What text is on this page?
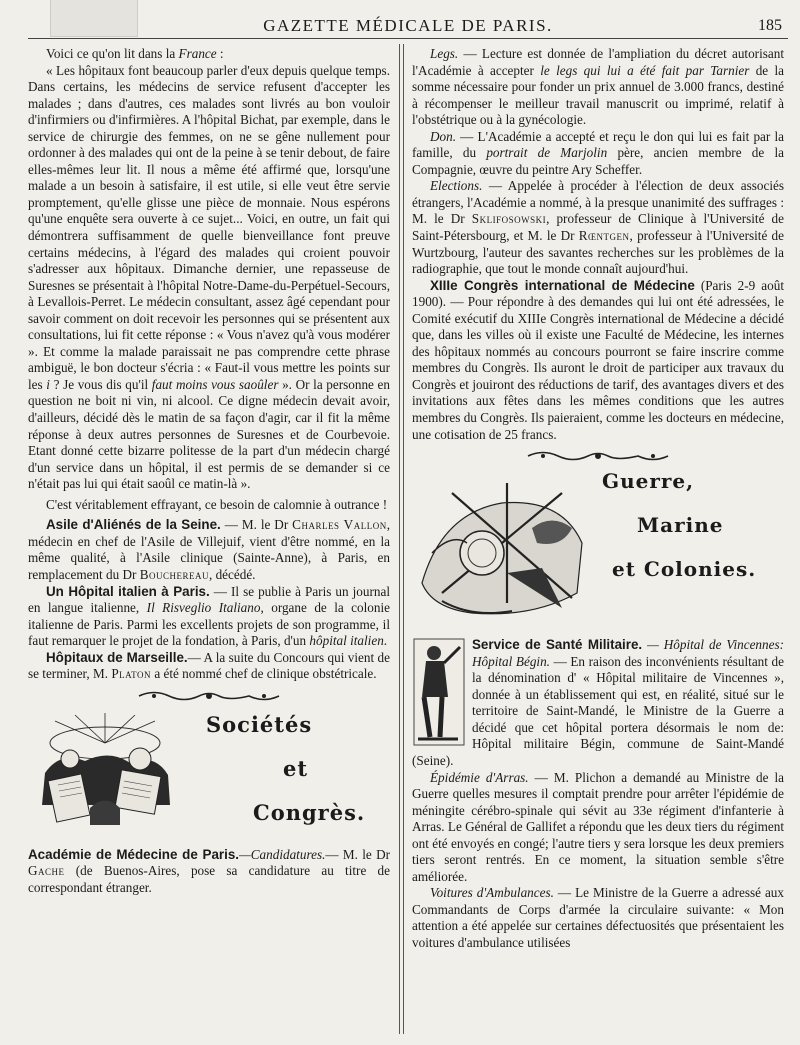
GAZETTE MÉDICALE DE PARIS.	185

Voici ce qu'on lit dans la France :

« Les hôpitaux font beaucoup parler d'eux depuis quelque temps. Dans certains, les médecins de service refusent d'accepter les malades ; dans d'autres, ces malades sont livrés au bon vouloir d'infirmiers ou d'infirmières. A l'hôpital Bichat, par exemple, dans le service de chirurgie des femmes, on ne se gêne nullement pour ordonner à des malades qui ont de la peine à se tenir debout, de faire elles-mêmes leur lit. Il nous a même été affirmé que, lorsqu'une malade a un besoin à satisfaire, il est utile, si elle veut être servie promptement, qu'elle glisse une pièce de monnaie. Nous espérons qu'une enquête sera ouverte à ce sujet... Voici, en outre, un fait qui démontrera suffisamment de quelle bienveillance font preuve certains médecins, à l'égard des malades qui croient pouvoir s'adresser aux hôpitaux. Dimanche dernier, une repasseuse de Suresnes se présentait à l'hôpital Notre-Dame-du-Perpétuel-Secours, à Levallois-Perret. Le médecin consultant, assez âgé cependant pour savoir comment on doit recevoir les personnes qui se présentent aux consultations, lui fit cette réponse : « Vous n'avez qu'à vous modérer ». Et comme la malade paraissait ne pas comprendre cette phrase ambiguë, le bon docteur s'écria : « Faut-il vous mettre les points sur les i ? Je vous dis qu'il faut moins vous saoûler ». Or la personne en question ne boit ni vin, ni alcool. Ce digne médecin devait avoir, d'ailleurs, décidé dès le matin de sa façon d'agir, car il fit la même réponse à deux autres personnes de Suresnes et de Courbevoie. Etant donné cette bizarre politesse de la part d'un médecin chargé d'un service dans un hôpital, il est permis de se demander si ce n'était pas lui qui était saoûl ce matin-là ».

C'est véritablement effrayant, ce besoin de calomnie à outrance !

Asile d'Aliénés de la Seine. — M. le Dr Charles Vallon, médecin en chef de l'Asile de Villejuif, vient d'être nommé, en la même qualité, à l'Asile clinique (Sainte-Anne), à Paris, en remplacement du Dr Bouchereau, décédé.

Un Hôpital italien à Paris. — Il se publie à Paris un journal en langue italienne, Il Risveglio Italiano, organe de la colonie italienne de Paris. Parmi les excellents projets de son programme, il faut remarquer le projet de la fondation, à Paris, d'un hôpital italien.

Hôpitaux de Marseille.— A la suite du Concours qui vient de se terminer, M. Platon a été nommé chef de clinique obstétricale.

Sociétés
et
Congrès.

Académie de Médecine de Paris.—Candidatures.— M. le Dr Gache (de Buenos-Aires, pose sa candidature au titre de correspondant étranger.

Legs. — Lecture est donnée de l'ampliation du décret autorisant l'Académie à accepter le legs qui lui a été fait par Tarnier de la somme nécessaire pour fonder un prix annuel de 3.000 francs, destiné à récompenser le meilleur travail manuscrit ou imprimé, relatif à l'obstétrique ou à la gynécologie.

Don. — L'Académie a accepté et reçu le don qui lui es fait par la famille, du portrait de Marjolin père, ancien membre de la Compagnie, œuvre du peintre Ary Scheffer.

Elections. — Appelée à procéder à l'élection de deux associés étrangers, l'Académie a nommé, à la presque unanimité des suffrages : M. le Dr Sklifosowski, professeur de Clinique à l'Université de Saint-Pétersbourg, et M. le Dr Rœntgen, professeur à l'Université de Wurtzbourg, l'auteur des savantes recherches sur les problèmes de la radiographie, que tout le monde connaît aujourd'hui.

XIIIe Congrès international de Médecine (Paris 2-9 août 1900). — Pour répondre à des demandes qui lui ont été adressées, le Comité exécutif du XIIIe Congrès international de Médecine a décidé que, dans les villes où il existe une Faculté de Médecine, les internes des hôpitaux nommés au concours pourront se faire inscrire comme membres du Congrès. Ils auront le droit de participer aux travaux du Congrès et jouiront des réductions de tarif, des avantages divers et des invitations aux fêtes dans les mêmes conditions que les autres membres du Congrès. Ils paieraient, comme les docteurs en médecine, une cotisation de 25 francs.

Guerre,
Marine
et Colonies.

Service de Santé Militaire. — Hôpital de Vincennes: Hôpital Bégin. — En raison des inconvénients résultant de la dénomination d' « Hôpital militaire de Vincennes », donnée à un établissement qui est, en réalité, situé sur le territoire de Saint-Mandé, le Ministre de la Guerre a décidé que cet hôpital portera désormais le nom de: Hôpital militaire Bégin, commune de Saint-Mandé (Seine).

Épidémie d'Arras. — M. Plichon a demandé au Ministre de la Guerre quelles mesures il comptait prendre pour arrêter l'épidémie de méningite cérébro-spinale qui sévit au 33e régiment d'infanterie à Arras. Le Général de Gallifet a répondu que les deux tiers du régiment ont été envoyés en congé; l'autre tiers y sera lorsque les deux premiers tiers seront rentrés. En ce moment, la situation semble s'être améliorée.

Voitures d'Ambulances. — Le Ministre de la Guerre a adressé aux Commandants de Corps d'armée la circulaire suivante: « Mon attention a été appelée sur certaines défectuosités que présentaient les voitures d'ambulance utilisées
